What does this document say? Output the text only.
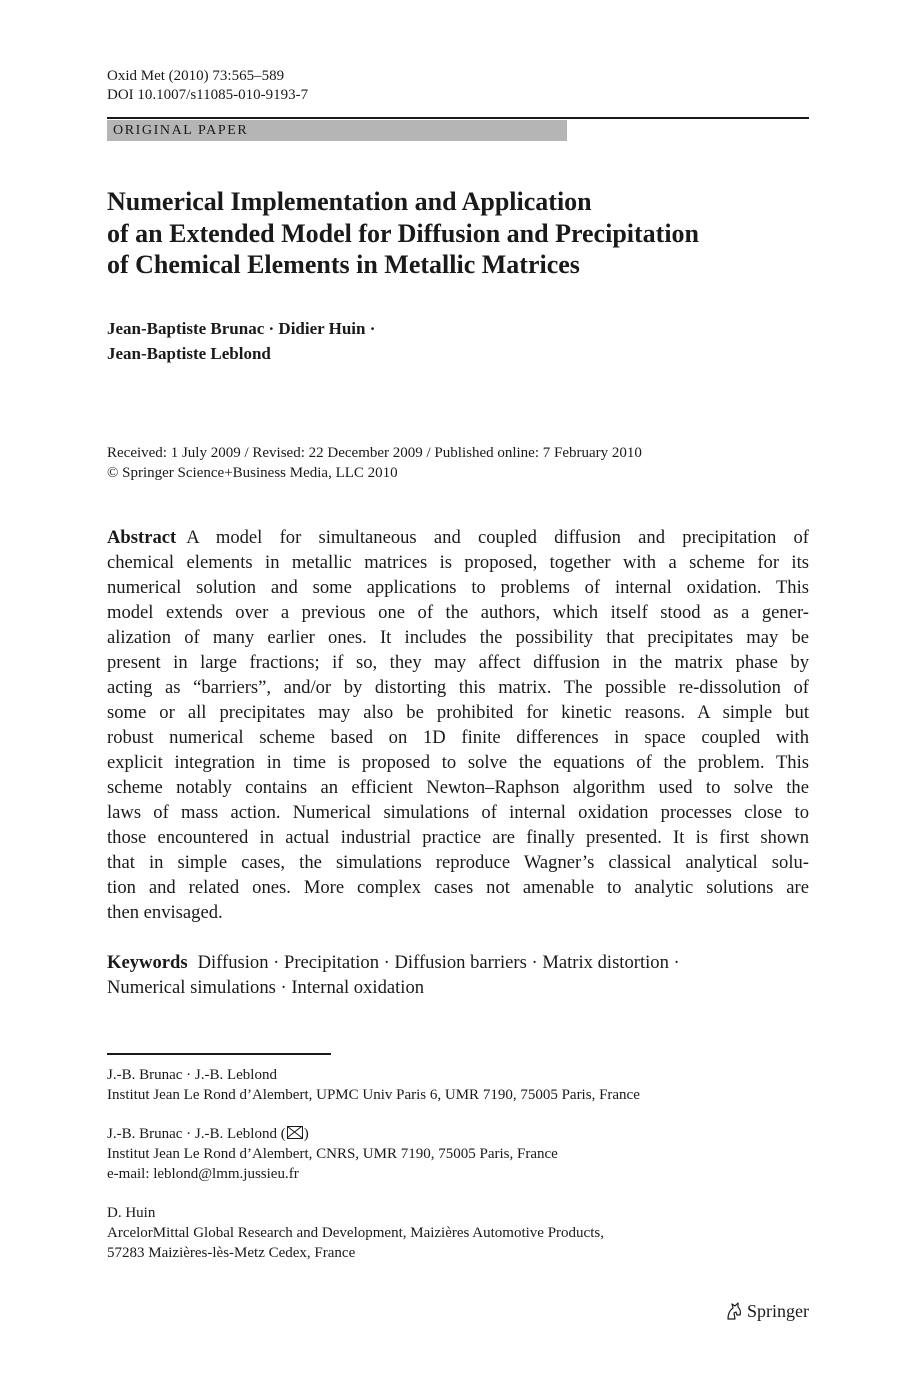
Oxid Met (2010) 73:565–589
DOI 10.1007/s11085-010-9193-7
ORIGINAL PAPER
Numerical Implementation and Application
of an Extended Model for Diffusion and Precipitation
of Chemical Elements in Metallic Matrices
Jean-Baptiste Brunac · Didier Huin ·
Jean-Baptiste Leblond
Received: 1 July 2009 / Revised: 22 December 2009 / Published online: 7 February 2010
© Springer Science+Business Media, LLC 2010
Abstract A model for simultaneous and coupled diffusion and precipitation of
chemical elements in metallic matrices is proposed, together with a scheme for its
numerical solution and some applications to problems of internal oxidation. This
model extends over a previous one of the authors, which itself stood as a gener-
alization of many earlier ones. It includes the possibility that precipitates may be
present in large fractions; if so, they may affect diffusion in the matrix phase by
acting as “barriers”, and/or by distorting this matrix. The possible re-dissolution of
some or all precipitates may also be prohibited for kinetic reasons. A simple but
robust numerical scheme based on 1D finite differences in space coupled with
explicit integration in time is proposed to solve the equations of the problem. This
scheme notably contains an efficient Newton–Raphson algorithm used to solve the
laws of mass action. Numerical simulations of internal oxidation processes close to
those encountered in actual industrial practice are finally presented. It is first shown
that in simple cases, the simulations reproduce Wagner’s classical analytical solu-
tion and related ones. More complex cases not amenable to analytic solutions are
then envisaged.
Keywords Diffusion · Precipitation · Diffusion barriers · Matrix distortion ·
Numerical simulations · Internal oxidation
J.-B. Brunac · J.-B. Leblond
Institut Jean Le Rond d’Alembert, UPMC Univ Paris 6, UMR 7190, 75005 Paris, France
J.-B. Brunac · J.-B. Leblond ( )
Institut Jean Le Rond d’Alembert, CNRS, UMR 7190, 75005 Paris, France
e-mail: leblond@lmm.jussieu.fr
D. Huin
ArcelorMittal Global Research and Development, Maizières Automotive Products,
57283 Maizières-lès-Metz Cedex, France
Springer
